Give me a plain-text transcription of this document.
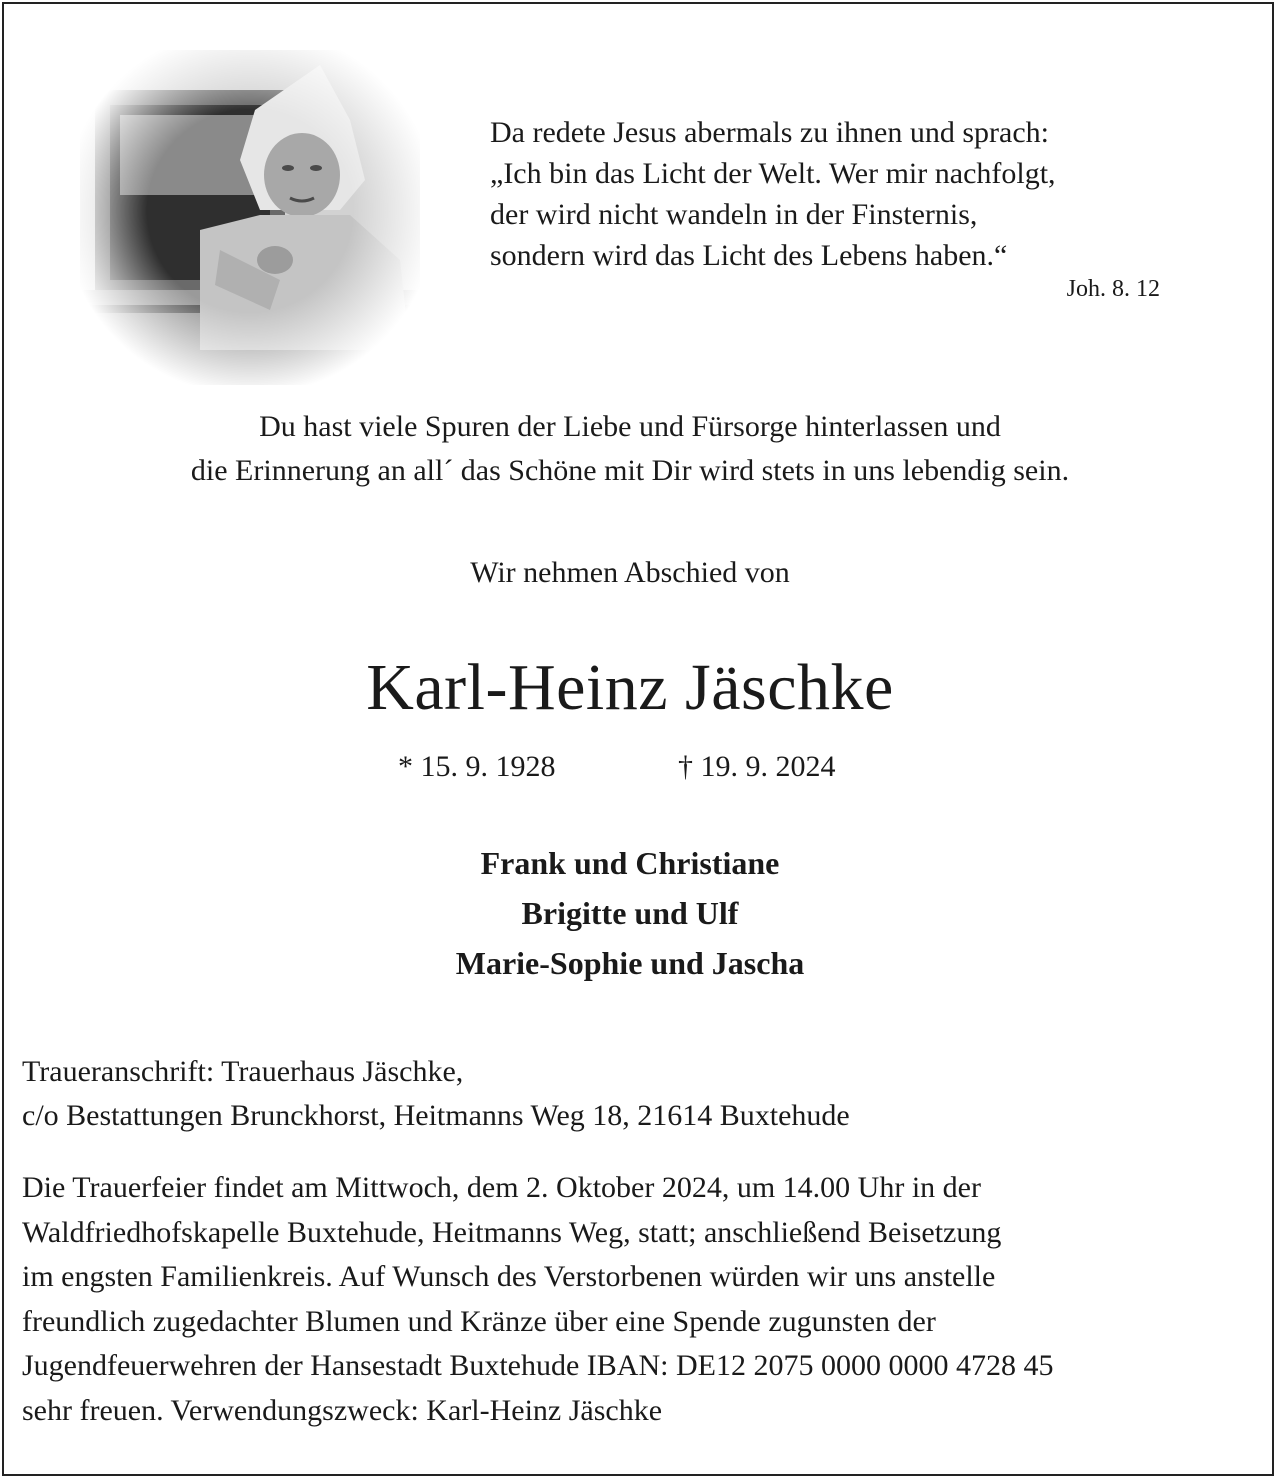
Da redete Jesus abermals zu ihnen und sprach:
„Ich bin das Licht der Welt. Wer mir nachfolgt,
der wird nicht wandeln in der Finsternis,
sondern wird das Licht des Lebens haben.“
Joh. 8. 12
Du hast viele Spuren der Liebe und Fürsorge hinterlassen und
die Erinnerung an all´ das Schöne mit Dir wird stets in uns lebendig sein.
Wir nehmen Abschied von
Karl-Heinz Jäschke
* 15. 9. 1928	† 19. 9. 2024
Frank und Christiane
Brigitte und Ulf
Marie-Sophie und Jascha
Traueranschrift: Trauerhaus Jäschke,
c/o Bestattungen Brunckhorst, Heitmanns Weg 18, 21614 Buxtehude
Die Trauerfeier findet am Mittwoch, dem 2. Oktober 2024, um 14.00 Uhr in der
Waldfriedhofskapelle Buxtehude, Heitmanns Weg, statt; anschließend Beisetzung
im engsten Familienkreis. Auf Wunsch des Verstorbenen würden wir uns anstelle
freundlich zugedachter Blumen und Kränze über eine Spende zugunsten der
Jugendfeuerwehren der Hansestadt Buxtehude IBAN: DE12 2075 0000 0000 4728 45
sehr freuen. Verwendungszweck: Karl-Heinz Jäschke
